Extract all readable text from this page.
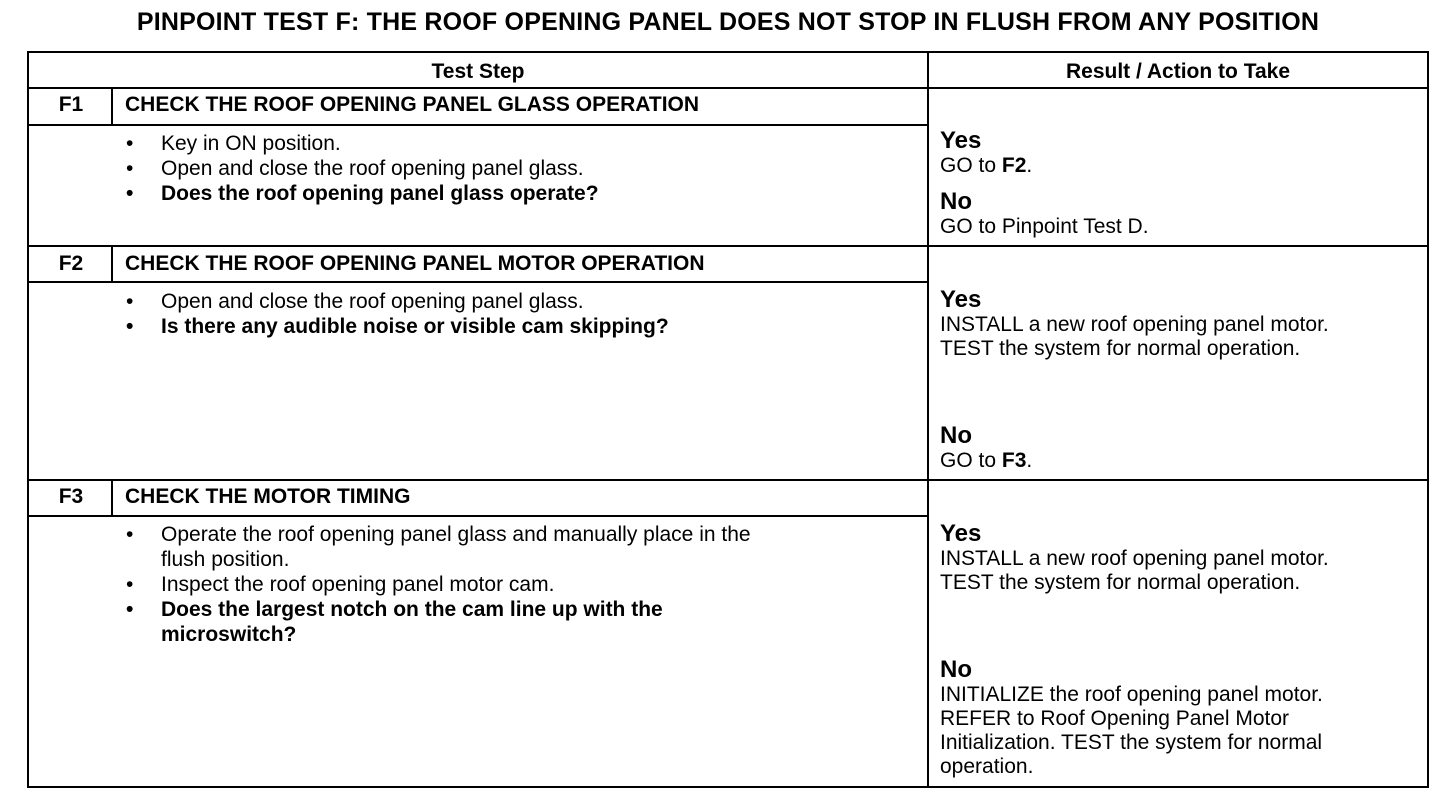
PINPOINT TEST F: THE ROOF OPENING PANEL DOES NOT STOP IN FLUSH FROM ANY POSITION
Test Step	Result / Action to Take
F1	CHECK THE ROOF OPENING PANEL GLASS OPERATION
• Key in ON position.
• Open and close the roof opening panel glass.
• Does the roof opening panel glass operate?
Yes
GO to F2.
No
GO to Pinpoint Test D.
F2	CHECK THE ROOF OPENING PANEL MOTOR OPERATION
• Open and close the roof opening panel glass.
• Is there any audible noise or visible cam skipping?
Yes
INSTALL a new roof opening panel motor.
TEST the system for normal operation.
No
GO to F3.
F3	CHECK THE MOTOR TIMING
• Operate the roof opening panel glass and manually place in the
flush position.
• Inspect the roof opening panel motor cam.
• Does the largest notch on the cam line up with the
microswitch?
Yes
INSTALL a new roof opening panel motor.
TEST the system for normal operation.
No
INITIALIZE the roof opening panel motor.
REFER to Roof Opening Panel Motor
Initialization. TEST the system for normal
operation.
